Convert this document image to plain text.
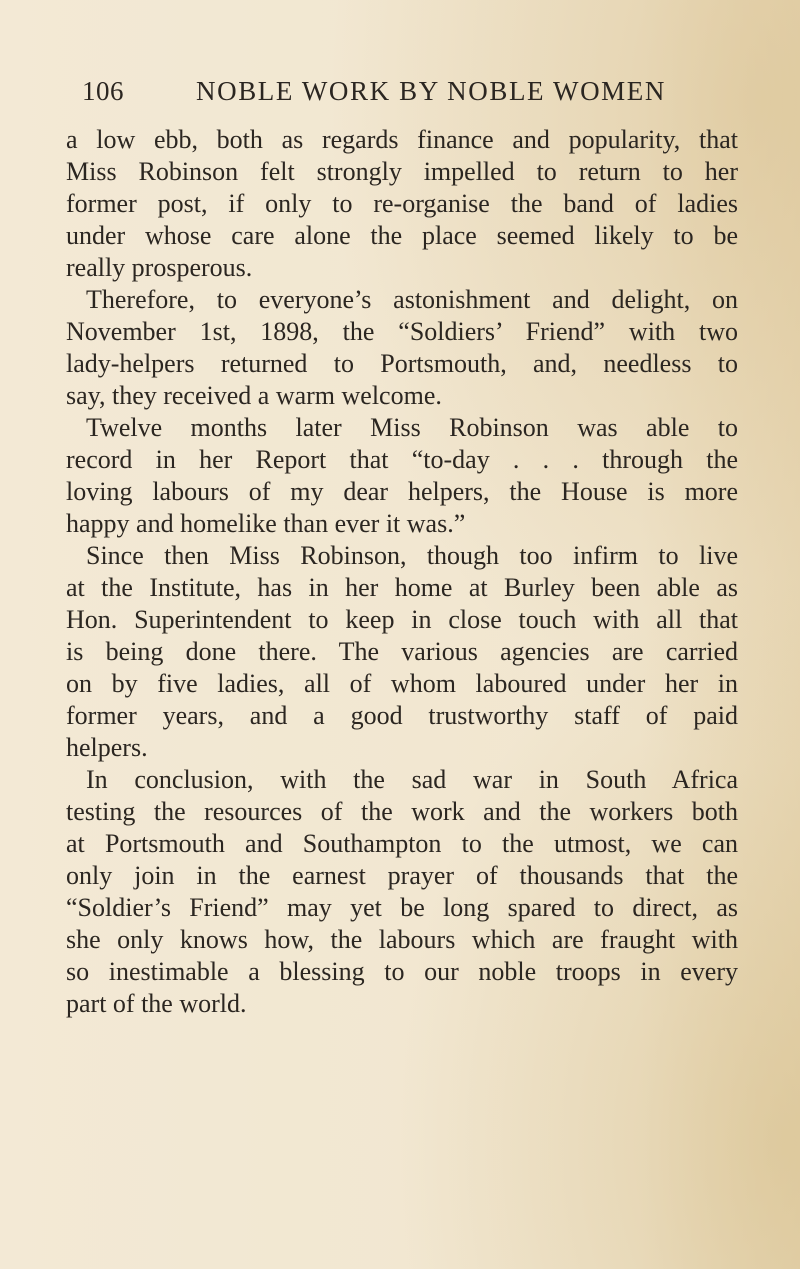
106	NOBLE WORK BY NOBLE WOMEN
a low ebb, both as regards finance and popularity, that
Miss Robinson felt strongly impelled to return to her
former post, if only to re-organise the band of ladies
under whose care alone the place seemed likely to be
really prosperous.
Therefore, to everyone’s astonishment and delight, on
November 1st, 1898, the “Soldiers’ Friend” with two
lady-helpers returned to Portsmouth, and, needless to
say, they received a warm welcome.
Twelve months later Miss Robinson was able to
record in her Report that “to-day . . . through the
loving labours of my dear helpers, the House is more
happy and homelike than ever it was.”
Since then Miss Robinson, though too infirm to live
at the Institute, has in her home at Burley been able as
Hon. Superintendent to keep in close touch with all that
is being done there. The various agencies are carried
on by five ladies, all of whom laboured under her in
former years, and a good trustworthy staff of paid
helpers.
In conclusion, with the sad war in South Africa
testing the resources of the work and the workers both
at Portsmouth and Southampton to the utmost, we can
only join in the earnest prayer of thousands that the
“Soldier’s Friend” may yet be long spared to direct, as
she only knows how, the labours which are fraught with
so inestimable a blessing to our noble troops in every
part of the world.
